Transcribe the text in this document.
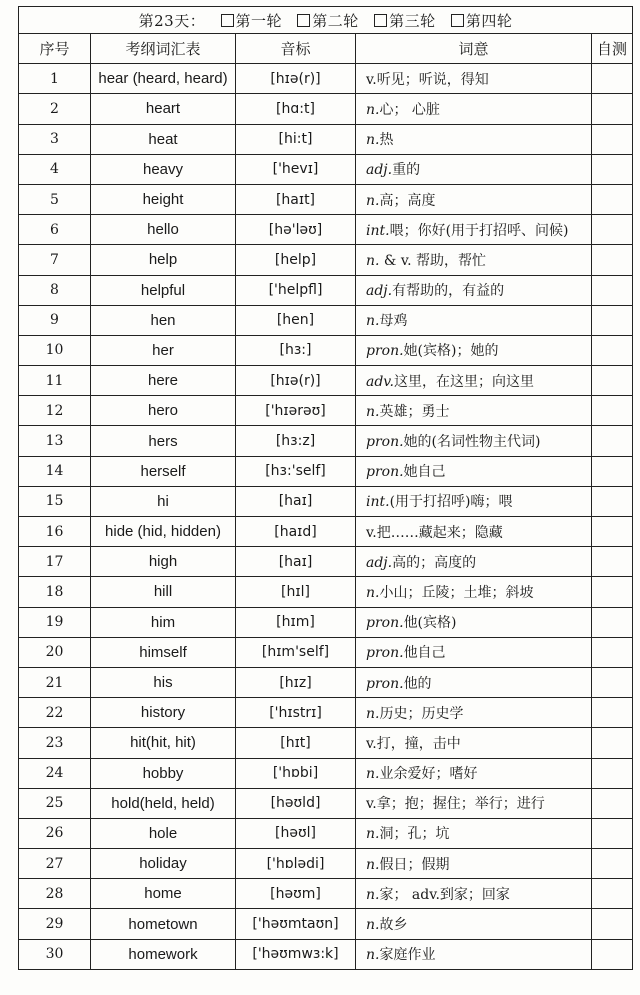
第23天： 第一轮 第二轮 第三轮 第四轮				
序号	考纲词汇表	音标	词意	自测
1	hear (heard, heard)	[hɪə(r)]	v.听见；听说，得知	
2	heart	[hɑ:t]	n.心； 心脏	
3	heat	[hi:t]	n.热	
4	heavy	['hevɪ]	adj.重的	
5	height	[haɪt]	n.高；高度	
6	hello	[hə'ləʊ]	int.喂；你好(用于打招呼、问候)	
7	help	[help]	n. & v. 帮助，帮忙	
8	helpful	['helpfl]	adj.有帮助的，有益的	
9	hen	[hen]	n.母鸡	
10	her	[hɜ:]	pron.她(宾格)；她的	
11	here	[hɪə(r)]	adv.这里，在这里；向这里	
12	hero	['hɪərəʊ]	n.英雄；勇士	
13	hers	[hɜ:z]	pron.她的(名词性物主代词)	
14	herself	[hɜ:'self]	pron.她自己	
15	hi	[haɪ]	int.(用于打招呼)嗨；喂	
16	hide (hid, hidden)	[haɪd]	v.把……藏起来；隐藏	
17	high	[haɪ]	adj.高的；高度的	
18	hill	[hɪl]	n.小山；丘陵；土堆；斜坡	
19	him	[hɪm]	pron.他(宾格)	
20	himself	[hɪm'self]	pron.他自己	
21	his	[hɪz]	pron.他的	
22	history	['hɪstrɪ]	n.历史；历史学	
23	hit(hit, hit)	[hɪt]	v.打，撞，击中	
24	hobby	['hɒbi]	n.业余爱好；嗜好	
25	hold(held, held)	[həʊld]	v.拿；抱；握住；举行；进行	
26	hole	[həʊl]	n.洞；孔；坑	
27	holiday	['hɒlədi]	n.假日；假期	
28	home	[həʊm]	n.家； adv.到家；回家	
29	hometown	['həʊmtaʊn]	n.故乡	
30	homework	['həʊmwɜ:k]	n.家庭作业	
